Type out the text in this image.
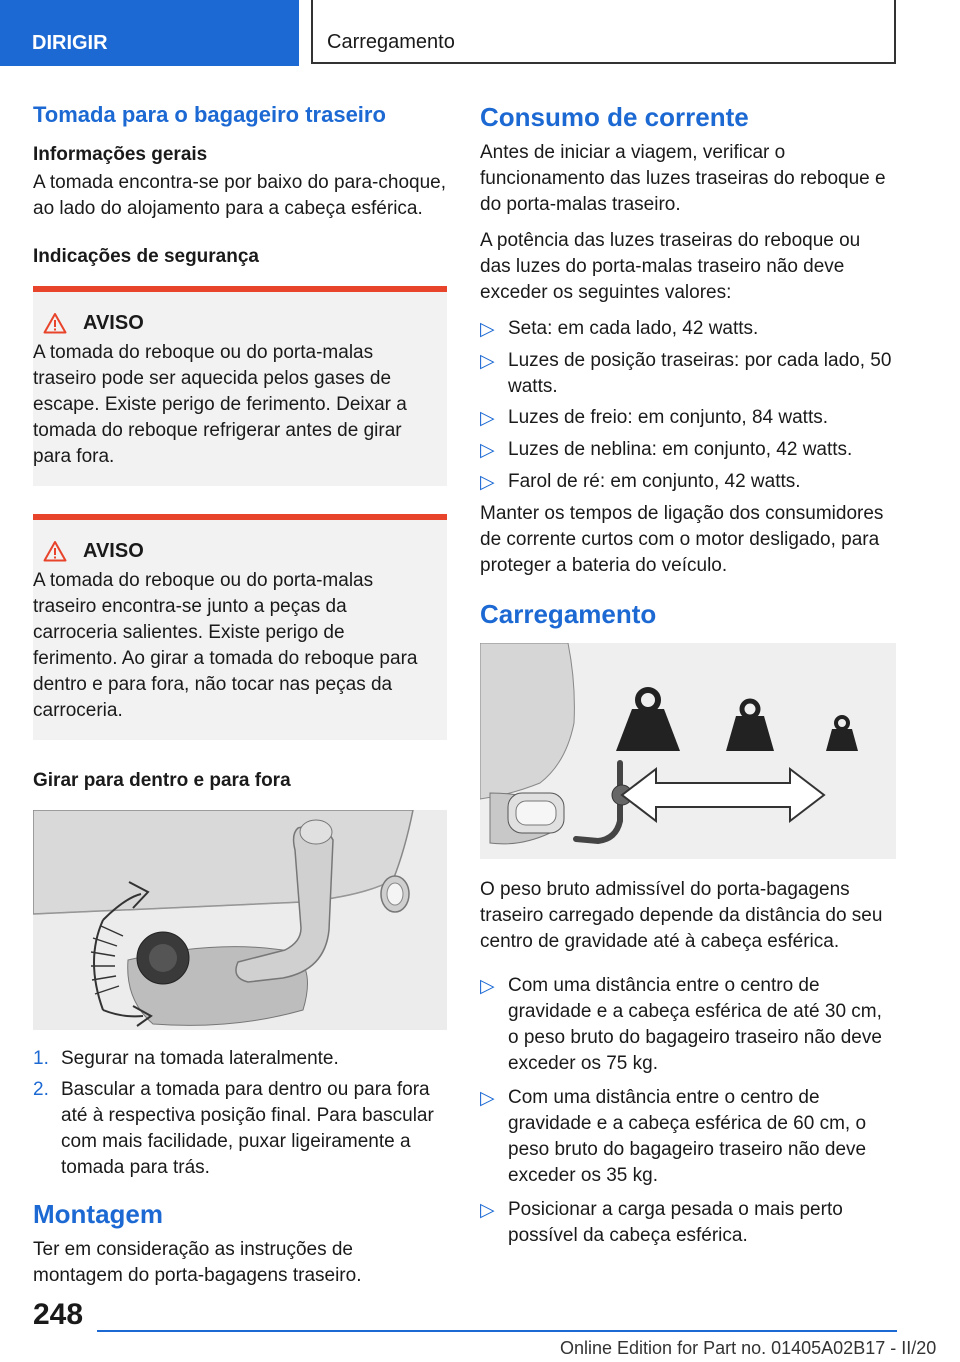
DIRIGIR	Carregamento
Tomada para o bagageiro traseiro
Informações gerais

A tomada encontra-se por baixo do para-choque, ao lado do alojamento para a cabeça esférica.

Indicações de segurança
AVISO

A tomada do reboque ou do porta-malas traseiro pode ser aquecida pelos gases de escape. Existe perigo de ferimento. Deixar a tomada do reboque refrigerar antes de girar para fora.

AVISO

A tomada do reboque ou do porta-malas traseiro encontra-se junto a peças da carroceria salientes. Existe perigo de ferimento. Ao girar a tomada do reboque para dentro e para fora, não tocar nas peças da carroceria.

Girar para dentro e para fora
1. Segurar na tomada lateralmente.
2. Bascular a tomada para dentro ou para fora até à respectiva posição final. Para bascular com mais facilidade, puxar ligeiramente a tomada para trás.
Montagem

Ter em consideração as instruções de montagem do porta-bagagens traseiro.

Consumo de corrente

Antes de iniciar a viagem, verificar o funcionamento das luzes traseiras do reboque e do porta-malas traseiro.

A potência das luzes traseiras do reboque ou das luzes do porta-malas traseiro não deve exceder os seguintes valores:

▷ Seta: em cada lado, 42 watts.
▷ Luzes de posição traseiras: por cada lado, 50 watts.
▷ Luzes de freio: em conjunto, 84 watts.
▷ Luzes de neblina: em conjunto, 42 watts.
▷ Farol de ré: em conjunto, 42 watts.

Manter os tempos de ligação dos consumidores de corrente curtos com o motor desligado, para proteger a bateria do veículo.

Carregamento

O peso bruto admissível do porta-bagagens traseiro carregado depende da distância do seu centro de gravidade até à cabeça esférica.

▷ Com uma distância entre o centro de gravidade e a cabeça esférica de até 30 cm, o peso bruto do bagageiro traseiro não deve exceder os 75 kg.
▷ Com uma distância entre o centro de gravidade e a cabeça esférica de 60 cm, o peso bruto do bagageiro traseiro não deve exceder os 35 kg.
▷ Posicionar a carga pesada o mais perto possível da cabeça esférica.
248
Online Edition for Part no. 01405A02B17 - II/20
